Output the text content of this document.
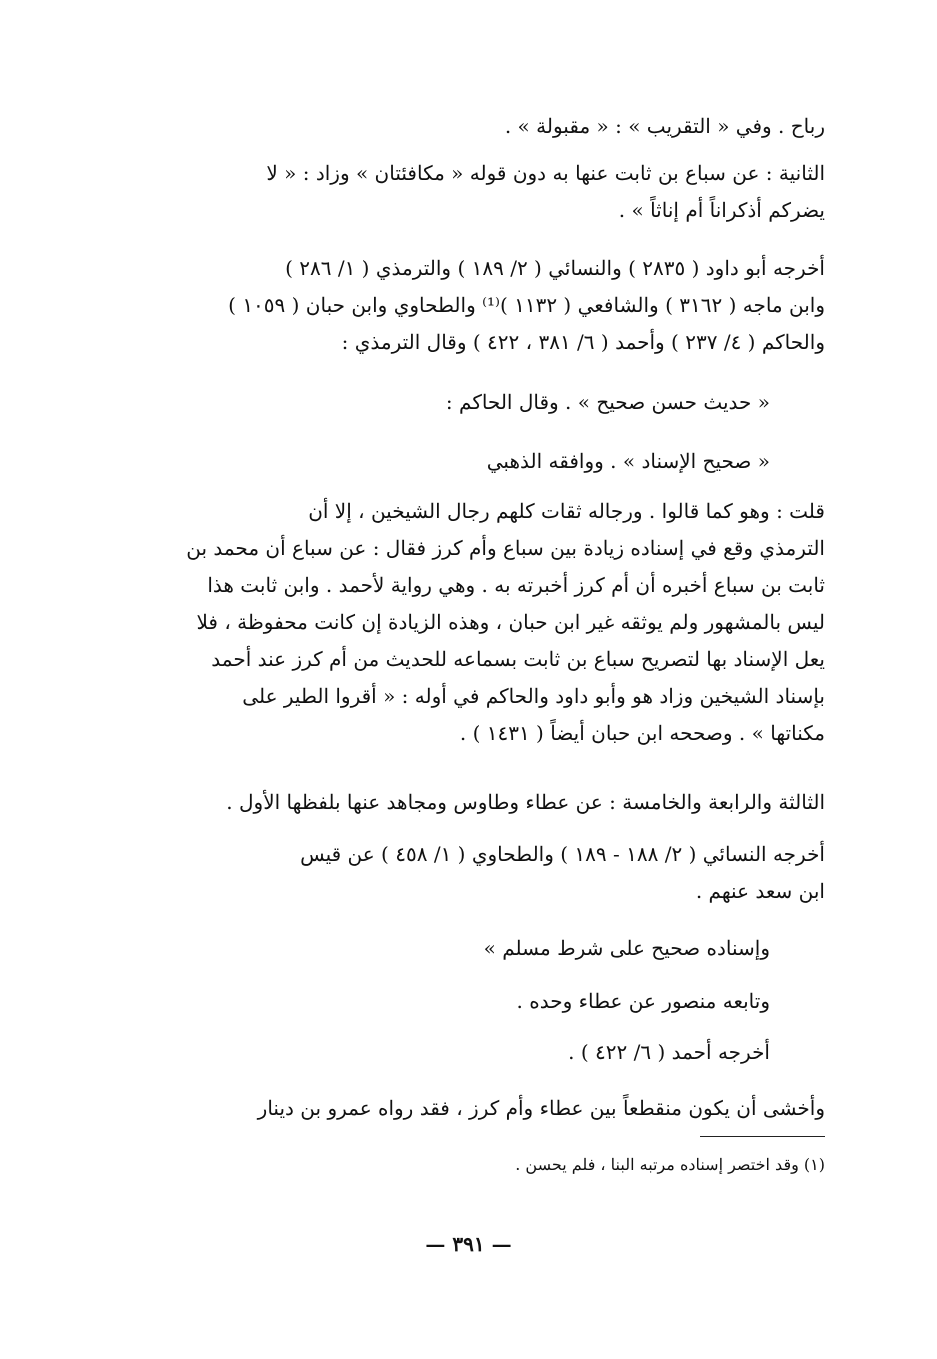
رباح . وفي « التقريب » : « مقبولة » .

الثانية : عن سباع بن ثابت عنها به دون قوله « مكافئتان » وزاد : « لا
يضركم أذكراناً أم إناثاً » .

أخرجه أبو داود ( ٢٨٣٥ ) والنسائي ( ٢/ ١٨٩ ) والترمذي ( ١/ ٢٨٦ )
وابن ماجه ( ٣١٦٢ ) والشافعي ( ١١٣٢ )⁽¹⁾ والطحاوي وابن حبان ( ١٠٥٩ )
والحاكم ( ٤/ ٢٣٧ ) وأحمد ( ٦/ ٣٨١ ، ٤٢٢ ) وقال الترمذي :

« حديث حسن صحيح » . وقال الحاكم :

« صحيح الإسناد » . ووافقه الذهبي

قلت : وهو كما قالوا . ورجاله ثقات كلهم رجال الشيخين ، إلا أن
الترمذي وقع في إسناده زيادة بين سباع وأم كرز فقال : عن سباع أن محمد بن
ثابت بن سباع أخبره أن أم كرز أخبرته به . وهي رواية لأحمد . وابن ثابت هذا
ليس بالمشهور ولم يوثقه غير ابن حبان ، وهذه الزيادة إن كانت محفوظة ، فلا
يعل الإسناد بها لتصريح سباع بن ثابت بسماعه للحديث من أم كرز عند أحمد
بإسناد الشيخين وزاد هو وأبو داود والحاكم في أوله : « أقروا الطير على
مكناتها » . وصححه ابن حبان أيضاً ( ١٤٣١ ) .

الثالثة والرابعة والخامسة : عن عطاء وطاوس ومجاهد عنها بلفظها الأول .

أخرجه النسائي ( ٢/ ١٨٨ - ١٨٩ ) والطحاوي ( ١/ ٤٥٨ ) عن قيس
ابن سعد عنهم .

وإسناده صحيح على شرط مسلم »

وتابعه منصور عن عطاء وحده .

أخرجه أحمد ( ٦/ ٤٢٢ ) .

وأخشى أن يكون منقطعاً بين عطاء وأم كرز ، فقد رواه عمرو بن دينار

(١) وقد اختصر إسناده مرتبه البنا ، فلم يحسن .
— ٣٩١ —
